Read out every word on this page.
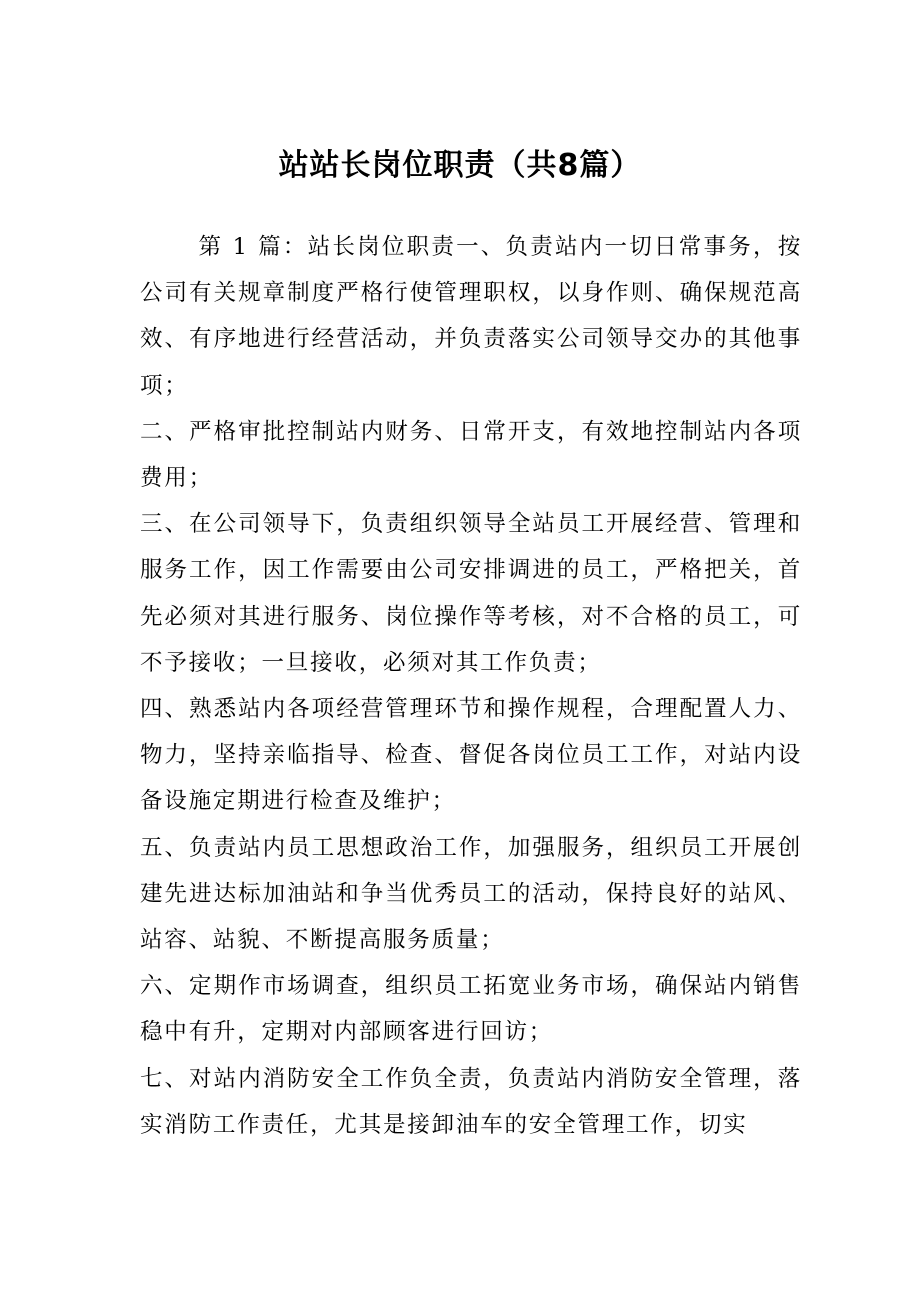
站站长岗位职责（共8篇）

第 1 篇：站长岗位职责一、负责站内一切日常事务，按公司有关规章制度严格行使管理职权，以身作则、确保规范高效、有序地进行经营活动，并负责落实公司领导交办的其他事项；

二、严格审批控制站内财务、日常开支，有效地控制站内各项费用；

三、在公司领导下，负责组织领导全站员工开展经营、管理和服务工作，因工作需要由公司安排调进的员工，严格把关，首先必须对其进行服务、岗位操作等考核，对不合格的员工，可不予接收；一旦接收，必须对其工作负责；

四、熟悉站内各项经营管理环节和操作规程，合理配置人力、物力，坚持亲临指导、检查、督促各岗位员工工作，对站内设备设施定期进行检查及维护；

五、负责站内员工思想政治工作，加强服务，组织员工开展创建先进达标加油站和争当优秀员工的活动，保持良好的站风、站容、站貌、不断提高服务质量；

六、定期作市场调查，组织员工拓宽业务市场，确保站内销售稳中有升，定期对内部顾客进行回访；

七、对站内消防安全工作负全责，负责站内消防安全管理，落实消防工作责任，尤其是接卸油车的安全管理工作，切实
